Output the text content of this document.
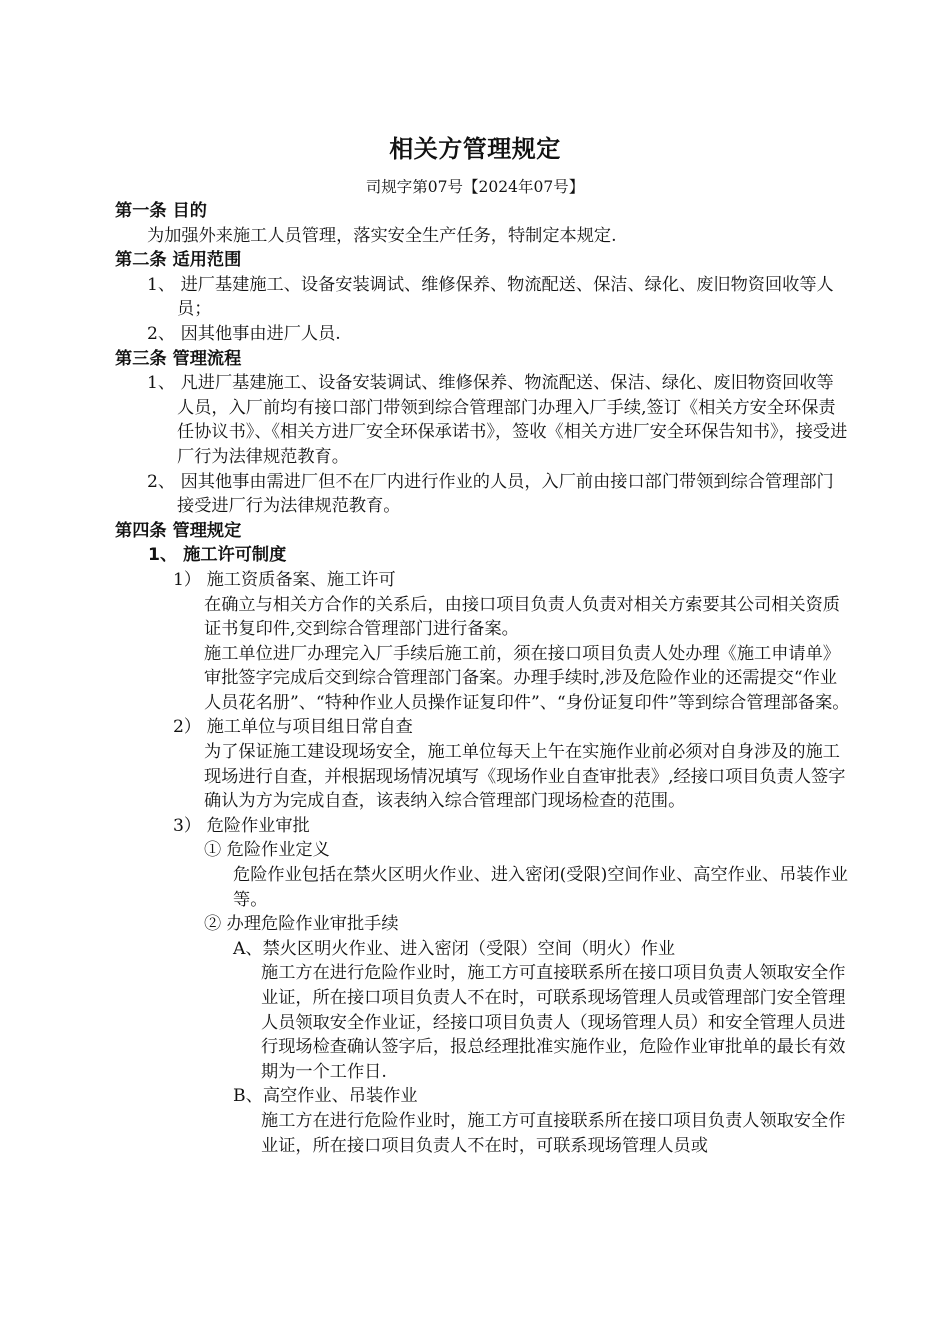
相关方管理规定
司规字第07号【2024年07号】

第一条 目的

为加强外来施工人员管理，落实安全生产任务，特制定本规定.

第二条 适用范围

1、 进厂基建施工、设备安装调试、维修保养、物流配送、保洁、绿化、废旧物资回收等人员；

2、 因其他事由进厂人员.

第三条 管理流程

1、 凡进厂基建施工、设备安装调试、维修保养、物流配送、保洁、绿化、废旧物资回收等人员，入厂前均有接口部门带领到综合管理部门办理入厂手续,签订《相关方安全环保责任协议书》、《相关方进厂安全环保承诺书》，签收《相关方进厂安全环保告知书》，接受进厂行为法律规范教育。

2、 因其他事由需进厂但不在厂内进行作业的人员，入厂前由接口部门带领到综合管理部门接受进厂行为法律规范教育。

第四条 管理规定

1、 施工许可制度

1） 施工资质备案、施工许可

在确立与相关方合作的关系后，由接口项目负责人负责对相关方索要其公司相关资质证书复印件,交到综合管理部门进行备案。

施工单位进厂办理完入厂手续后施工前，须在接口项目负责人处办理《施工申请单》审批签字完成后交到综合管理部门备案。办理手续时,涉及危险作业的还需提交“作业人员花名册”、“特种作业人员操作证复印件”、“身份证复印件”等到综合管理部备案。

2） 施工单位与项目组日常自查

为了保证施工建设现场安全，施工单位每天上午在实施作业前必须对自身涉及的施工现场进行自查，并根据现场情况填写《现场作业自查审批表》,经接口项目负责人签字确认为方为完成自查，该表纳入综合管理部门现场检查的范围。

3） 危险作业审批

① 危险作业定义

危险作业包括在禁火区明火作业、进入密闭(受限)空间作业、高空作业、吊装作业等。

② 办理危险作业审批手续

A、禁火区明火作业、进入密闭（受限）空间（明火）作业

施工方在进行危险作业时，施工方可直接联系所在接口项目负责人领取安全作业证，所在接口项目负责人不在时，可联系现场管理人员或管理部门安全管理人员领取安全作业证，经接口项目负责人（现场管理人员）和安全管理人员进行现场检查确认签字后，报总经理批准实施作业，危险作业审批单的最长有效期为一个工作日.

B、高空作业、吊装作业

施工方在进行危险作业时，施工方可直接联系所在接口项目负责人领取安全作业证，所在接口项目负责人不在时，可联系现场管理人员或
